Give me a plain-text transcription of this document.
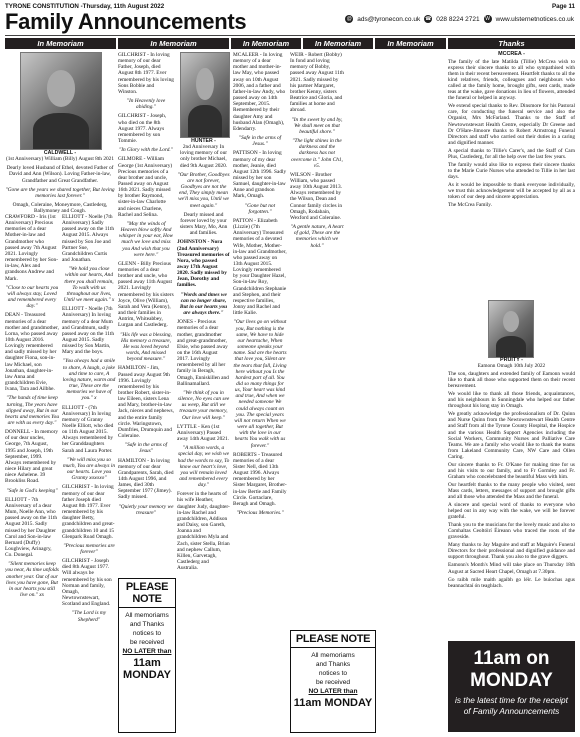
TYRONE CONSTITUTION -Thursday, 11th August 2022	Page 11
Family Announcements	@ ads@tyronecon.co.uk ☎ 028 8224 2721	W www.ulsternetnotices.co.uk
In Memoriam	In Memoriam	In Memoriam	In Memoriam	In Memoriam	Thanks

CALDWELL -

(1st Anniversary) William (Billy) August 8th 2021

Dearly loved Husband of Ethel, devoted Father of David and Ann (Wilson). Loving Father-in-law, Grandfather and Great Grandfather.

"Gone are the years we shared together, But loving memories last forever."

Omagh, Coleraine, Moneymore, Castlederg, Ballymoney and Cough.

CRAWFORD - Iris (1st Anniversary) Precious memories of a dear Mother-in-law and Grandmother who passed away 7th August 2021. Lovingly remembered by her Son-in-law, Alex and grandsons Andrew and Mark.

"Close to our hearts you will always stay, Loved and remembered every day."

DEAN - Treasured memories of a dear mother and grandmother, Lorna, who passed away 10th August 2016. Lovingly remembered and sadly missed by her daughter Fiona, son-in-law Michael, son Jonathan, daughter-in-law Anna and grandchildren Evie, Ivana, Tara and Ailbhe.

"The hands of time keep turning, The years have slipped away, But in our hearts and memories You are with us every day."

DONNELL - In memory of our dear uncles, George, 7th August, 1995 and Joseph, 19th September, 1999. Always remembered by niece Hilary and great niece Ashelene. 39 Brookliss Road.

"Safe in God's keeping"

ELLIOTT - 7th Anniversary of a dear Mum, Noelle Ann, who passed away on the 11th August 2015. Sadly missed by her Daughter Carol and Son-in-law Bernard (Duffy) Loughview, Arinagry, Co. Donegal.

"Silent memories keep you near, As time unfolds another year. Out of our lives you have gone, But in our hearts you still live on." xx

ELLIOTT - Noelle (7th Anniversary) Sadly passed away on the 11th August 2015. Always missed by Son Joe and Partner Sue, Grandchildren Curtis and Jonathan.

"We hold you close within our hearts, And there you shall remain, To walk with us throughout our lives, Until we meet again." x

ELLIOTT - Noelle (7th Anniversary) In loving memory of a dear Mum and Grandmum, sadly passed away on the 11th August 2015. Sadly missed by Son Martin, Mary and the boys.

"You always had a smile to share, A laugh, a joke and time to care, A loving nature, warm and true, These are the memories we have of you." x

ELLIOTT - (7th Anniversary) In loving memory of Granny Noelle Elliott, who died on 11th August 2015. Always remembered by her Granddaughters Sarah and Laura Porter.

"We will miss you so much, You are always in our hearts. Love you Granny xoxoxo"

GILCHRIST - In loving memory of our dear father Joseph died August 8th 1977. Ever remembered by his daughter Betty, grandchildren and great-grandchildren 10 and 15 Glenpark Road Omagh.

"Precious memories are forever"

GILCHRIST - Joseph died 8th August 1977. Will always be remembered by his son Norman and family, Omagh, Newtownstewart, Scotland and England.

"The Lord is my Shepherd"

GILCHRIST - In loving memory of our dear Father, Joseph, died August 8th 1977. Ever remembered by his loving Sons Bobbie and Winston.

"In Heavenly love abiding."

GILCHRIST - Joseph, who died on the 8th August 1977. Always remembered by son Tommie.

"In Glory with the Lord."

GILMORE - William George (1st Anniversary) Precious memories of a dear brother and uncle, Passed away on August 16th 2021. Sadly missed by brother Raymond, sister-in-law Charlotte and nieces Charlene, Rachel and Selina.

"May the winds of Heaven blow softly And whisper in your ear, How much we love and miss you And wish that you were here."

GLENN - Billy Precious memories of a dear brother and uncle, who passed away 11th August 2021. Lovingly remembered by his sisters Joyce, Olive (William), Sarah and Vera (Kenny), and their families in Antrim, Whiteabbey, Lurgan and Castlederg.

"His life was a blessing, His memory a treasure, He was loved beyond words, And missed beyond measure."

HAMILTON - Jim, Passed away August 9th 1996. Lovingly remembered by his brother Robert, sister-in-law Eileen, sisters Lena and Mary, brother-in-law Jack, nieces and nephews, and the entire family circle. Waringstown, Dumfries, Drumquin and Coleraine.

"Safe in the arms of Jesus"

HAMILTON - In loving memory of our dear Grandparents, Sarah, died 14th August 1996, and James, died 30th September 1977 (Jimey). Sadly missed.

"Quietly your memory we treasure"

HUNTER -

2nd Anniversary In loving memory of our only brother Michael, died 9th August 2020.

"Our Brother, Goodbyes are not forever, Goodbyes are not the end, They simply mean we'll miss you, Until we meet again."

Dearly missed and forever loved by your sisters Mary, Mo, Ann and families.

JOHNSTON - Nora (2nd Anniversary) Treasured memories of Nora, who passed away 17th August 2020. Sadly missed by Jean, Dorothy and families.

"Words and times we can no longer share, But in our hearts you are always there."

JONES - Precious memories of a dear mother, grandmother and great-grandmother, Elsie, who passed away on the 16th August 2017. Lovingly remembered by all her family in Beragh, Omagh, Enniskillen and Ballinamallard.

"We think of you in silence, No eyes can see us weep, But still we treasure your memory, Our love will keep."

LYTTLE - Ken (1st Anniversary) Passed away 14th August 2021.

"A million words, a special day, we wish we had the words to say, To know our heart's love, you will remain loved and remembered every day."

Forever in the hearts of his wife Heather, daughter Judy, daughter-in-law Rachel and grandchildren, Addison and Daisy, son Gareth, Joanna and grandchildren Myla and Zach, sister Stella, Brian and nephew Callum, Killen, Garvetagh, Castlederg and Australia.

MCALEER - In loving memory of a dear mother and mother-in-law May, who passed away on 10th August 2006, and a father and father-in-law Andy, who passed away on 14th September, 2015. Remembered by their daughter Amy and husband Alan (Omagh), Edendarry.

"Safe in the arms of Jesus."

PATTISON - In loving memory of my dear mother, Jeanie, died August 12th 1996. Sadly missed by her son Samuel, daughter-in-law Anne and grandson Mark, Omagh.

"Gone but not forgotten."

PATTON - Elizabeth (Lizzie) (7th Anniversary) Treasured memories of a devoted Wife, Mother, Mother-in-law and Grandmother, who passed away on 13th August 2015. Lovingly remembered by your Daughter Hazel, Son-in-law Roy, Grandchildren Stephanie and Stephen, and their respective families, Jonny and Rachel and little Kalie.

"Our lives go on without you, But nothing is the same, We have to hide our heartache, When someone speaks your name. Sad are the hearts that love you, Silent are the tears that fall, Living here without you Is the hardest part of all. You did so many things for us, Your heart was kind and true, And when we needed someone We could always count on you. The special years will not return When we were all together, But with the love in our hearts You walk with us forever."

ROBERTS - Treasured memories of a dear Sister Nell, died 13th August 1996. Always remembered by her Sister Margaret, Brother-in-law Bertie and Family Circle. Gortaclare, Beragh and Omagh.

"Precious Memories."

WEIR - Robert (Bobby) In fond and loving memory of Bobby, passed away August 11th 2021. Sadly missed by his partner Margaret, brother Kenny, sisters Beatrice and Gloria, and families at home and abroad.

"In the sweet by and by, We shall meet on that beautiful shore."

"The light shines in the darkness and the darkness has not overcome it." John Ch1, v5.

WILSON - Brother William, who passed away 10th August 2013. Always remembered by the Wilson, Dean and Connor family circles in Omagh, Rodabain, Wexford and Coleraine.

"A gentle nature, A heart of gold, These are the memories which we hold."

PLEASE NOTE
All memoriams
and Thanks
notices to
be received
NO LATER than
11am MONDAY
PLEASE NOTE
All memoriams
and Thanks
notices to
be received
NO LATER than
11am MONDAY

MCCREA -

The family of the late Matilda (Tillie) McCrea wish to express their sincere thanks to all who sympathised with them in their recent bereavement. Heartfelt thanks to all the kind relatives, friends, colleagues and neighbours who called at the family home, brought gifts, sent cards, made teas at the wake, gave donations in lieu of flowers, attended the funeral or helped in anyway.

We extend special thanks to Rev. Dinsmore for his Pastoral care, for conducting the funeral service and also the Organist, Mrs McFarland. Thanks to the Staff of Newtownstewart Health Centre, especially Dr Greene and Dr O'Hare-Jimoore thanks to Robert Armstrong Funeral Directors and staff who carried out their duties in a caring and dignified manner.

A special thanks to Tillie's Carer's, and the Staff of Carn Plus, Castlederg, for all the help over the last few years.

The family would also like to express their sincere thanks to the Marie Curie Nurses who attended to Tillie in her last days.

As it would be impossible to thank everyone individually, we trust this acknowledgement will be accepted by all as a token of our deep and sincere appreciation.

The McCrea Family.

PRUITY -

Eamonn Omagh 10th July 2022

The son, daughters and extended family of Eamonn would like to thank all those who supported them on their recent bereavement.

We would like to thank all those friends, acquaintances, and his neighbours in Sunningdale who helped our father throughout his long stay in Omagh.

We greatly acknowledge the professionalism of Dr. Quinn and Nurse Quinn from the Newtownstewart Health Centre and Staff from all the Tyrone County Hospital, the Hospice and the various Health Support Agencies including the Social Workers, Community Nurses and Palliative Care Teams. We are a family who would like to thank the teams from Lakeland Community Care, NW Care and Ollen Caring.

Our sincere thanks to Fr. O'Kane for making time for us and his visits to our family, and to Fr Gormley and Fr. Graham who concelebrated the beautiful Mass with him.

Our heartfelt thanks to the many people who visited, sent Mass cards, letters, messages of support and brought gifts and all those who attended the Mass and the funeral.

A sincere and special word of thanks to everyone who helped out in any way with the wake, we will be forever grateful.

Thank you to the musicians for the lovely music and also to Comhaltas Ceoltóirí Éireann who traced the roots of the graveside.

Many thanks to Jay Maguire and staff at Maguire's Funeral Directors for their professional and dignified guidance and support throughout. Thank you also to the grave diggers.

Eamonn's Month's Mind will take place on Thursday 18th August at Sacred Heart Chapel, Omagh at 7.30pm.

Go raibh mile maith agaibh go léir. Le buíochas agus beannachtaí ón teaghlach.

11am on
MONDAY
is the latest time for the receipt of Family Announcements
